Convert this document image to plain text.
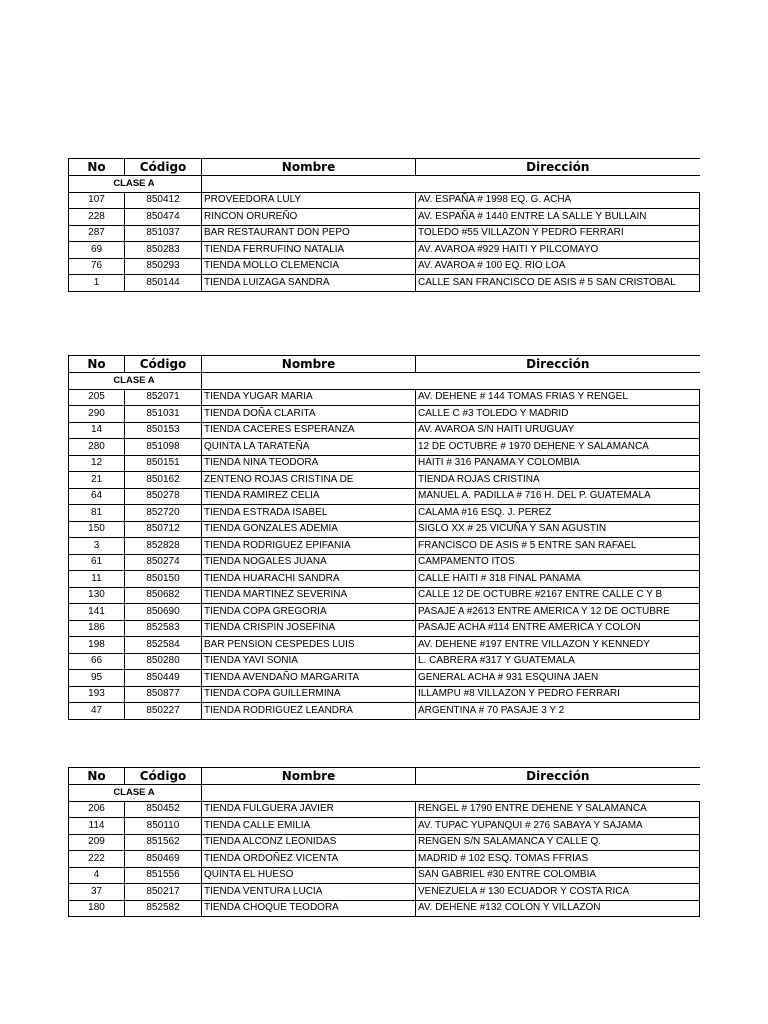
No	Código	Nombre	Dirección
CLASE A			
107	850412	PROVEEDORA LULY	AV. ESPAÑA # 1998 EQ. G. ACHA
228	850474	RINCON ORUREÑO	AV. ESPAÑA # 1440 ENTRE LA SALLE Y BULLAIN
287	851037	BAR RESTAURANT DON PEPO	TOLEDO #55 VILLAZON Y PEDRO FERRARI
69	850283	TIENDA FERRUFINO NATALIA	AV. AVAROA #929 HAITI Y PILCOMAYO
76	850293	TIENDA MOLLO CLEMENCIA	AV. AVAROA # 100 EQ. RIO LOA
1	850144	TIENDA LUIZAGA SANDRA	CALLE SAN FRANCISCO DE ASIS # 5 SAN CRISTOBAL
No	Código	Nombre	Dirección
CLASE A			
205	852071	TIENDA YUGAR MARIA	AV. DEHENE # 144 TOMAS FRIAS Y RENGEL
290	851031	TIENDA DOÑA CLARITA	CALLE C #3 TOLEDO Y MADRID
14	850153	TIENDA CACERES ESPERANZA	AV. AVAROA S/N HAITI URUGUAY
280	851098	QUINTA LA TARATEÑA	12 DE OCTUBRE # 1970 DEHENE Y SALAMANCA
12	850151	TIENDA NINA TEODORA	HAITI # 316 PANAMA Y COLOMBIA
21	850162	ZENTENO ROJAS CRISTINA DE	TIENDA ROJAS CRISTINA
64	850278	TIENDA RAMIREZ CELIA	MANUEL A. PADILLA # 716 H. DEL P. GUATEMALA
81	852720	TIENDA ESTRADA ISABEL	CALAMA #16 ESQ. J. PEREZ
150	850712	TIENDA GONZALES ADEMIA	SIGLO XX # 25 VICUÑA Y SAN AGUSTIN
3	852828	TIENDA RODRIGUEZ EPIFANIA	FRANCISCO DE ASIS # 5 ENTRE SAN RAFAEL
61	850274	TIENDA NOGALES JUANA	CAMPAMENTO ITOS
11	850150	TIENDA HUARACHI SANDRA	CALLE HAITI # 318 FINAL PANAMA
130	850682	TIENDA MARTINEZ SEVERINA	CALLE 12 DE OCTUBRE #2167 ENTRE CALLE C Y B
141	850690	TIENDA COPA GREGORIA	PASAJE A #2613 ENTRE AMERICA Y 12 DE OCTUBRE
186	852583	TIENDA CRISPIN JOSEFINA	PASAJE ACHA #114 ENTRE AMERICA Y COLON
198	852584	BAR PENSION CESPEDES LUIS	AV. DEHENE #197 ENTRE VILLAZON Y KENNEDY
66	850280	TIENDA YAVI SONIA	L. CABRERA #317 Y GUATEMALA
95	850449	TIENDA AVENDAÑO MARGARITA	GENERAL ACHA # 931 ESQUINA JAEN
193	850877	TIENDA COPA GUILLERMINA	ILLAMPU #8 VILLAZON Y PEDRO FERRARI
47	850227	TIENDA RODRIGUEZ LEANDRA	ARGENTINA # 70 PASAJE 3 Y 2
No	Código	Nombre	Dirección
CLASE A			
206	850452	TIENDA FULGUERA JAVIER	RENGEL # 1790 ENTRE DEHENE Y SALAMANCA
114	850110	TIENDA CALLE EMILIA	AV. TUPAC YUPANQUI # 276 SABAYA Y SAJAMA
209	851562	TIENDA ALCONZ LEONIDAS	RENGEN S/N SALAMANCA Y CALLE Q.
222	850469	TIENDA ORDOÑEZ VICENTA	MADRID # 102 ESQ. TOMAS FFRIAS
4	851556	QUINTA EL HUESO	SAN GABRIEL #30 ENTRE COLOMBIA
37	850217	TIENDA VENTURA LUCIA	VENEZUELA # 130 ECUADOR Y COSTA RICA
180	852582	TIENDA CHOQUE TEODORA	AV. DEHENE #132 COLON Y VILLAZON
